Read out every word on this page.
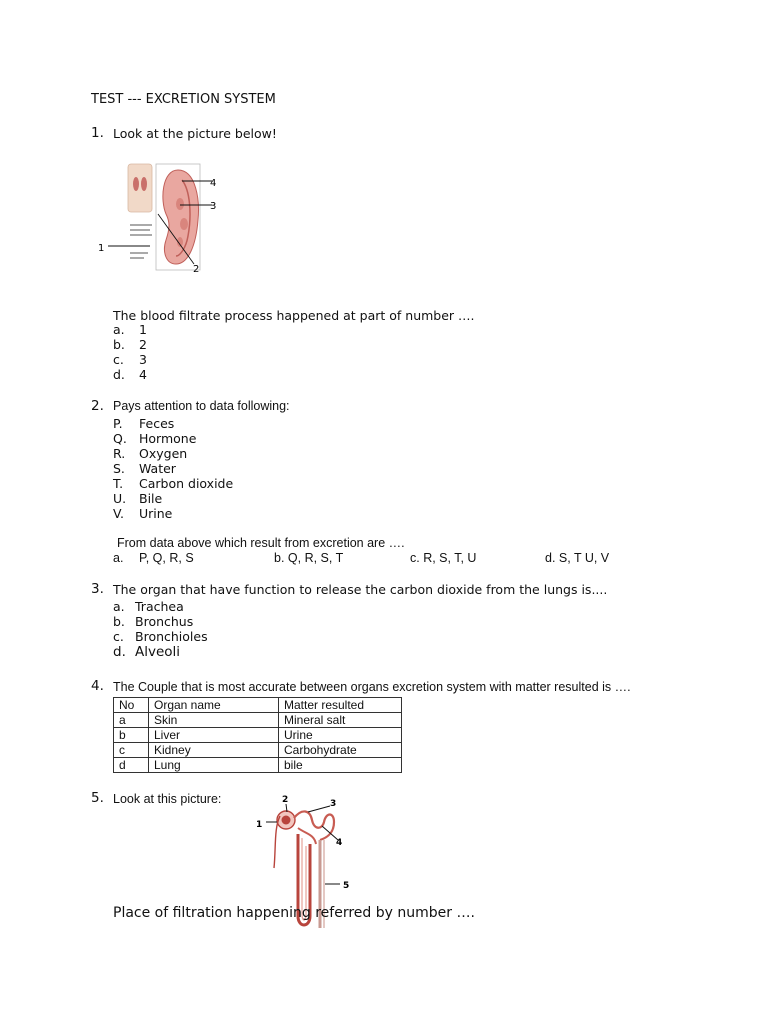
TEST --- EXCRETION SYSTEM
1. Look at the picture below!
4
3
1
2
The blood filtrate process happened at part of number ….
a. 1
b. 2
c. 3
d. 4
2. Pays attention to data following:
P. Feces
Q. Hormone
R. Oxygen
S. Water
T. Carbon dioxide
U. Bile
V. Urine
From data above which result from excretion are ….
a. P, Q, R, S	b. Q, R, S, T	c. R, S, T, U	d. S, T U, V
3. The organ that have function to release the carbon dioxide from the lungs is....
a. Trachea
b. Bronchus
c. Bronchioles
d. Alveoli
4. The Couple that is most accurate between organs excretion system with matter resulted is ….
No	Organ name	Matter resulted
a	Skin	Mineral salt
b	Liver	Urine
c	Kidney	Carbohydrate
d	Lung	bile
5. Look at this picture:
1
2	3
4
5
Place of filtration happening referred by number ….
